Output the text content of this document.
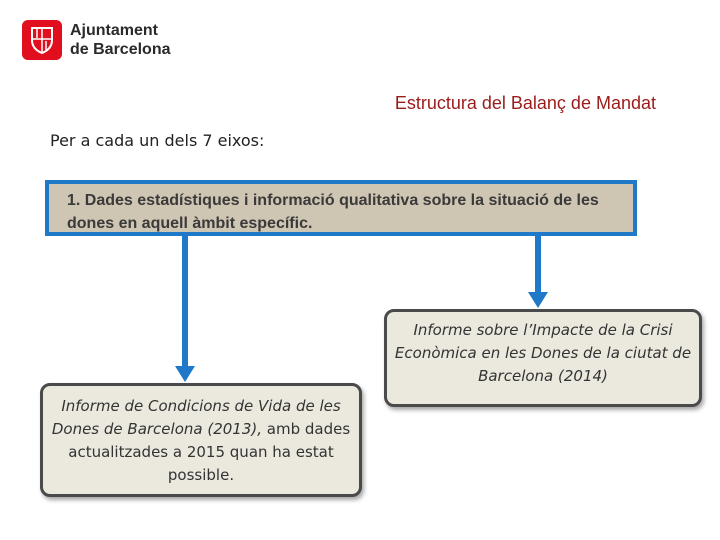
Ajuntament
de Barcelona
Estructura del Balanç de Mandat
Per a cada un dels 7 eixos:
1. Dades estadístiques i informació qualitativa sobre la situació de les dones en aquell àmbit específic.
Informe de Condicions de Vida de les Dones de Barcelona (2013), amb dades actualitzades a 2015 quan ha estat possible.
Informe sobre l’Impacte de la Crisi Econòmica en les Dones de la ciutat de Barcelona (2014)
